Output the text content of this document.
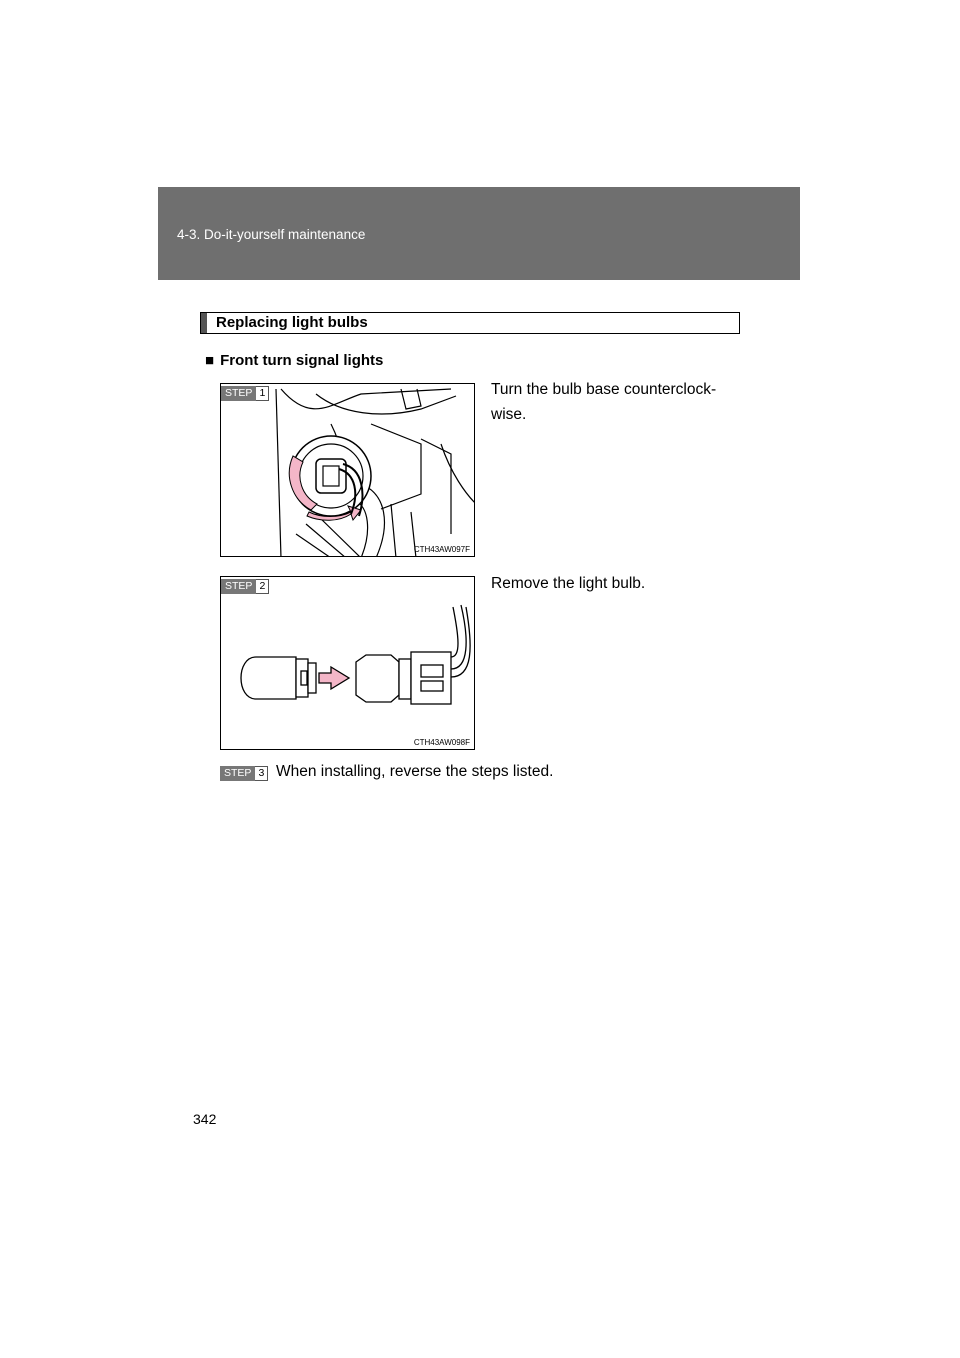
4-3. Do-it-yourself maintenance
Replacing light bulbs
■ Front turn signal lights
STEP 1
CTH43AW097F
Turn the bulb base counterclock-wise.
STEP 2
CTH43AW098F
Remove the light bulb.
STEP 3 When installing, reverse the steps listed.
342
